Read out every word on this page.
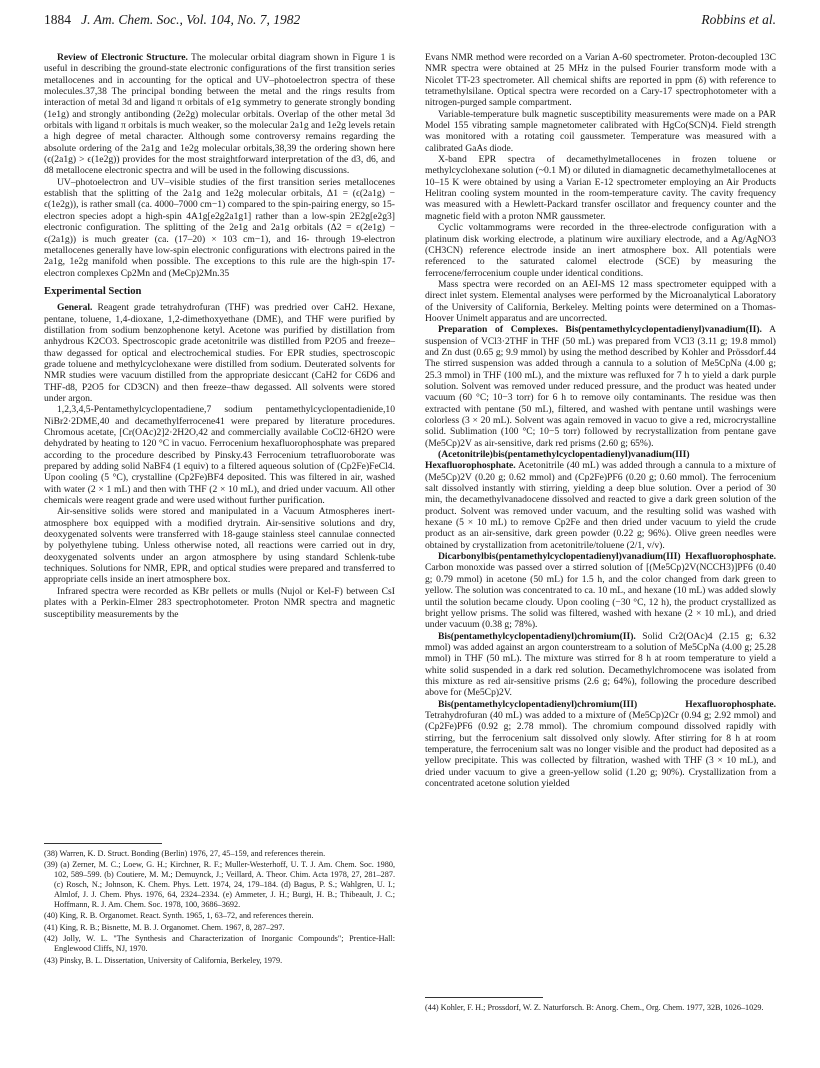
1884 J. Am. Chem. Soc., Vol. 104, No. 7, 1982	Robbins et al.

Review of Electronic Structure. The molecular orbital diagram shown in Figure 1 is useful in describing the ground-state electronic configurations of the first transition series metallocenes and in accounting for the optical and UV–photoelectron spectra of these molecules.37,38 The principal bonding between the metal and the rings results from interaction of metal 3d and ligand π orbitals of e1g symmetry to generate strongly bonding (1e1g) and strongly antibonding (2e2g) molecular orbitals. Overlap of the other metal 3d orbitals with ligand π orbitals is much weaker, so the molecular 2a1g and 1e2g levels retain a high degree of metal character. Although some controversy remains regarding the absolute ordering of the 2a1g and 1e2g molecular orbitals,38,39 the ordering shown here (ϵ(2a1g) > ϵ(1e2g)) provides for the most straightforward interpretation of the d3, d6, and d8 metallocene electronic spectra and will be used in the following discussions.

UV–photoelectron and UV–visible studies of the first transition series metallocenes establish that the splitting of the 2a1g and 1e2g molecular orbitals, Δ1 = (ϵ(2a1g) − ϵ(1e2g)), is rather small (ca. 4000–7000 cm−1) compared to the spin-pairing energy, so 15-electron species adopt a high-spin 4A1g[e2g2a1g1] rather than a low-spin 2E2g[e2g3] electronic configuration. The splitting of the 2e1g and 2a1g orbitals (Δ2 = ϵ(2e1g) − ϵ(2a1g)) is much greater (ca. (17–20) × 103 cm−1), and 16- through 19-electron metallocenes generally have low-spin electronic configurations with electrons paired in the 2a1g, 1e2g manifold when possible. The exceptions to this rule are the high-spin 17-electron complexes Cp2Mn and (MeCp)2Mn.35

Experimental Section

General. Reagent grade tetrahydrofuran (THF) was predried over CaH2. Hexane, pentane, toluene, 1,4-dioxane, 1,2-dimethoxyethane (DME), and THF were purified by distillation from sodium benzophenone ketyl. Acetone was purified by distillation from anhydrous K2CO3. Spectroscopic grade acetonitrile was distilled from P2O5 and freeze–thaw degassed for optical and electrochemical studies. For EPR studies, spectroscopic grade toluene and methylcyclohexane were distilled from sodium. Deuterated solvents for NMR studies were vacuum distilled from the appropriate desiccant (CaH2 for C6D6 and THF-d8, P2O5 for CD3CN) and then freeze–thaw degassed. All solvents were stored under argon.

1,2,3,4,5-Pentamethylcyclopentadiene,7 sodium pentamethylcyclopentadienide,10 NiBr2·2DME,40 and decamethylferrocene41 were prepared by literature procedures. Chromous acetate, [Cr(OAc)2]2·2H2O,42 and commercially available CoCl2·6H2O were dehydrated by heating to 120 °C in vacuo. Ferrocenium hexafluorophosphate was prepared according to the procedure described by Pinsky.43 Ferrocenium tetrafluoroborate was prepared by adding solid NaBF4 (1 equiv) to a filtered aqueous solution of (Cp2Fe)FeCl4. Upon cooling (5 °C), crystalline (Cp2Fe)BF4 deposited. This was filtered in air, washed with water (2 × 1 mL) and then with THF (2 × 10 mL), and dried under vacuum. All other chemicals were reagent grade and were used without further purification.

Air-sensitive solids were stored and manipulated in a Vacuum Atmospheres inert-atmosphere box equipped with a modified drytrain. Air-sensitive solutions and dry, deoxygenated solvents were transferred with 18-gauge stainless steel cannulae connected by polyethylene tubing. Unless otherwise noted, all reactions were carried out in dry, deoxygenated solvents under an argon atmosphere by using standard Schlenk-tube techniques. Solutions for NMR, EPR, and optical studies were prepared and transferred to appropriate cells inside an inert atmosphere box.

Infrared spectra were recorded as KBr pellets or mulls (Nujol or Kel-F) between CsI plates with a Perkin-Elmer 283 spectrophotometer. Proton NMR spectra and magnetic susceptibility measurements by the

(38) Warren, K. D. Struct. Bonding (Berlin) 1976, 27, 45–159, and references therein.

(39) (a) Zerner, M. C.; Loew, G. H.; Kirchner, R. F.; Muller-Westerhoff, U. T. J. Am. Chem. Soc. 1980, 102, 589–599. (b) Coutiere, M. M.; Demuynck, J.; Veillard, A. Theor. Chim. Acta 1978, 27, 281–287. (c) Rosch, N.; Johnson, K. Chem. Phys. Lett. 1974, 24, 179–184. (d) Bagus, P. S.; Wahlgren, U. I.; Almlof, J. J. Chem. Phys. 1976, 64, 2324–2334. (e) Ammeter, J. H.; Burgi, H. B.; Thibeault, J. C.; Hoffmann, R. J. Am. Chem. Soc. 1978, 100, 3686–3692.

(40) King, R. B. Organomet. React. Synth. 1965, 1, 63–72, and references therein.

(41) King, R. B.; Bisnette, M. B. J. Organomet. Chem. 1967, 8, 287–297.

(42) Jolly, W. L. "The Synthesis and Characterization of Inorganic Compounds"; Prentice-Hall: Englewood Cliffs, NJ, 1970.

(43) Pinsky, B. L. Dissertation, University of California, Berkeley, 1979.

Evans NMR method were recorded on a Varian A-60 spectrometer. Proton-decoupled 13C NMR spectra were obtained at 25 MHz in the pulsed Fourier transform mode with a Nicolet TT-23 spectrometer. All chemical shifts are reported in ppm (δ) with reference to tetramethylsilane. Optical spectra were recorded on a Cary-17 spectrophotometer with a nitrogen-purged sample compartment.

Variable-temperature bulk magnetic susceptibility measurements were made on a PAR Model 155 vibrating sample magnetometer calibrated with HgCo(SCN)4. Field strength was monitored with a rotating coil gaussmeter. Temperature was measured with a calibrated GaAs diode.

X-band EPR spectra of decamethylmetallocenes in frozen toluene or methylcyclohexane solution (~0.1 M) or diluted in diamagnetic decamethylmetallocenes at 10–15 K were obtained by using a Varian E-12 spectrometer employing an Air Products Helitran cooling system mounted in the room-temperature cavity. The cavity frequency was measured with a Hewlett-Packard transfer oscillator and frequency counter and the magnetic field with a proton NMR gaussmeter.

Cyclic voltammograms were recorded in the three-electrode configuration with a platinum disk working electrode, a platinum wire auxiliary electrode, and a Ag/AgNO3 (CH3CN) reference electrode inside an inert atmosphere box. All potentials were referenced to the saturated calomel electrode (SCE) by measuring the ferrocene/ferrocenium couple under identical conditions.

Mass spectra were recorded on an AEI-MS 12 mass spectrometer equipped with a direct inlet system. Elemental analyses were performed by the Microanalytical Laboratory of the University of California, Berkeley. Melting points were determined on a Thomas-Hoover Unimelt apparatus and are uncorrected.

Preparation of Complexes. Bis(pentamethylcyclopentadienyl)vanadium(II). A suspension of VCl3·2THF in THF (50 mL) was prepared from VCl3 (3.11 g; 19.8 mmol) and Zn dust (0.65 g; 9.9 mmol) by using the method described by Kohler and Prössdorf.44 The stirred suspension was added through a cannula to a solution of Me5CpNa (4.00 g; 25.3 mmol) in THF (100 mL), and the mixture was refluxed for 7 h to yield a dark purple solution. Solvent was removed under reduced pressure, and the product was heated under vacuum (60 °C; 10−3 torr) for 6 h to remove oily contaminants. The residue was then extracted with pentane (50 mL), filtered, and washed with pentane until washings were colorless (3 × 20 mL). Solvent was again removed in vacuo to give a red, microcrystalline solid. Sublimation (100 °C; 10−5 torr) followed by recrystallization from pentane gave (Me5Cp)2V as air-sensitive, dark red prisms (2.60 g; 65%).

(Acetonitrile)bis(pentamethylcyclopentadienyl)vanadium(III) Hexafluorophosphate. Acetonitrile (40 mL) was added through a cannula to a mixture of (Me5Cp)2V (0.20 g; 0.62 mmol) and (Cp2Fe)PF6 (0.20 g; 0.60 mmol). The ferrocenium salt dissolved instantly with stirring, yielding a deep blue solution. Over a period of 30 min, the decamethylvanadocene dissolved and reacted to give a dark green solution of the product. Solvent was removed under vacuum, and the resulting solid was washed with hexane (5 × 10 mL) to remove Cp2Fe and then dried under vacuum to yield the crude product as an air-sensitive, dark green powder (0.22 g; 96%). Olive green needles were obtained by crystallization from acetonitrile/toluene (2/1, v/v).

Dicarbonylbis(pentamethylcyclopentadienyl)vanadium(III) Hexafluorophosphate. Carbon monoxide was passed over a stirred solution of [(Me5Cp)2V(NCCH3)]PF6 (0.40 g; 0.79 mmol) in acetone (50 mL) for 1.5 h, and the color changed from dark green to yellow. The solution was concentrated to ca. 10 mL, and hexane (10 mL) was added slowly until the solution became cloudy. Upon cooling (−30 °C, 12 h), the product crystallized as bright yellow prisms. The solid was filtered, washed with hexane (2 × 10 mL), and dried under vacuum (0.38 g; 78%).

Bis(pentamethylcyclopentadienyl)chromium(II). Solid Cr2(OAc)4 (2.15 g; 6.32 mmol) was added against an argon counterstream to a solution of Me5CpNa (4.00 g; 25.28 mmol) in THF (50 mL). The mixture was stirred for 8 h at room temperature to yield a white solid suspended in a dark red solution. Decamethylchromocene was isolated from this mixture as red air-sensitive prisms (2.6 g; 64%), following the procedure described above for (Me5Cp)2V.

Bis(pentamethylcyclopentadienyl)chromium(III) Hexafluorophosphate. Tetrahydrofuran (40 mL) was added to a mixture of (Me5Cp)2Cr (0.94 g; 2.92 mmol) and (Cp2Fe)PF6 (0.92 g; 2.78 mmol). The chromium compound dissolved rapidly with stirring, but the ferrocenium salt dissolved only slowly. After stirring for 8 h at room temperature, the ferrocenium salt was no longer visible and the product had deposited as a yellow precipitate. This was collected by filtration, washed with THF (3 × 10 mL), and dried under vacuum to give a green-yellow solid (1.20 g; 90%). Crystallization from a concentrated acetone solution yielded

(44) Kohler, F. H.; Prossdorf, W. Z. Naturforsch. B: Anorg. Chem., Org. Chem. 1977, 32B, 1026–1029.
